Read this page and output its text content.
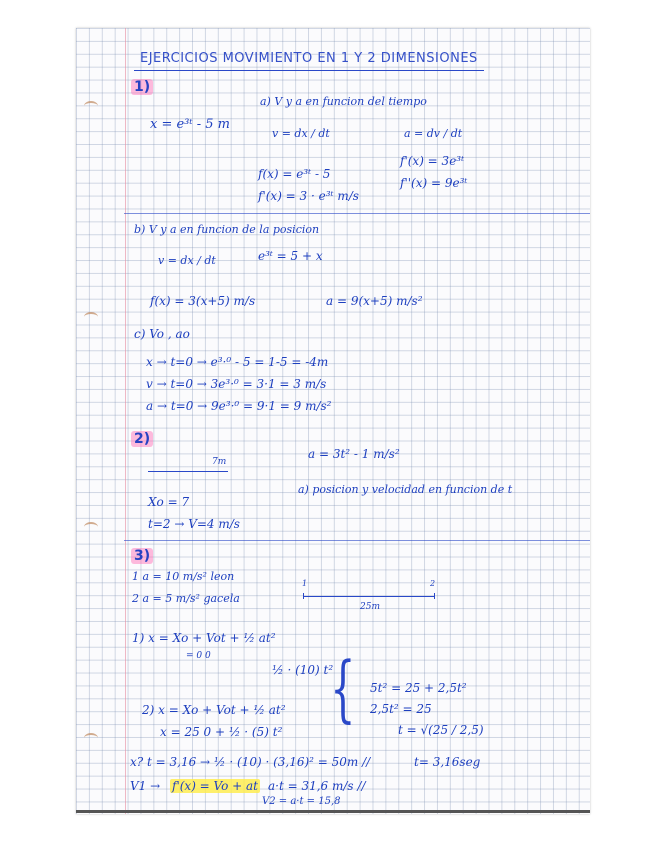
EJERCICIOS MOVIMIENTO EN 1 Y 2 DIMENSIONES
1)
a) V y a en funcion del tiempo
x = e³ᵗ - 5 m
v = dx / dt	a = dv / dt
f(x) = e³ᵗ - 5
f'(x) = 3 · e³ᵗ m/s
f'(x) = 3e³ᵗ
f''(x) = 9e³ᵗ
b) V y a en funcion de la posicion
v = dx / dt	e³ᵗ = 5 + x
f(x) = 3(x+5) m/s	a = 9(x+5) m/s²
c) Vo , ao
x → t=0 → e³·⁰ - 5 = 1-5 = -4m
v → t=0 → 3e³·⁰ = 3·1 = 3 m/s
a → t=0 → 9e³·⁰ = 9·1 = 9 m/s²
2)
7m
a = 3t² - 1 m/s²
a) posicion y velocidad en funcion de t
Xo = 7
t=2 → V=4 m/s
3)
1 a = 10 m/s² leon
2 a = 5 m/s² gacela
1	2
25m
1) x = Xo + Vot + ½ at²
= 0 0
½ · (10) t²
{ 5t² = 25 + 2,5t²
2,5t² = 25
t = √(25 / 2,5)
2) x = Xo + Vot + ½ at²
x = 25 0 + ½ · (5) t²
x? t = 3,16 → ½ · (10) · (3,16)² = 50m //	t= 3,16seg
V1 → f'(x) = Vo + at a·t = 31,6 m/s //
V2 = a·t = 15,8
